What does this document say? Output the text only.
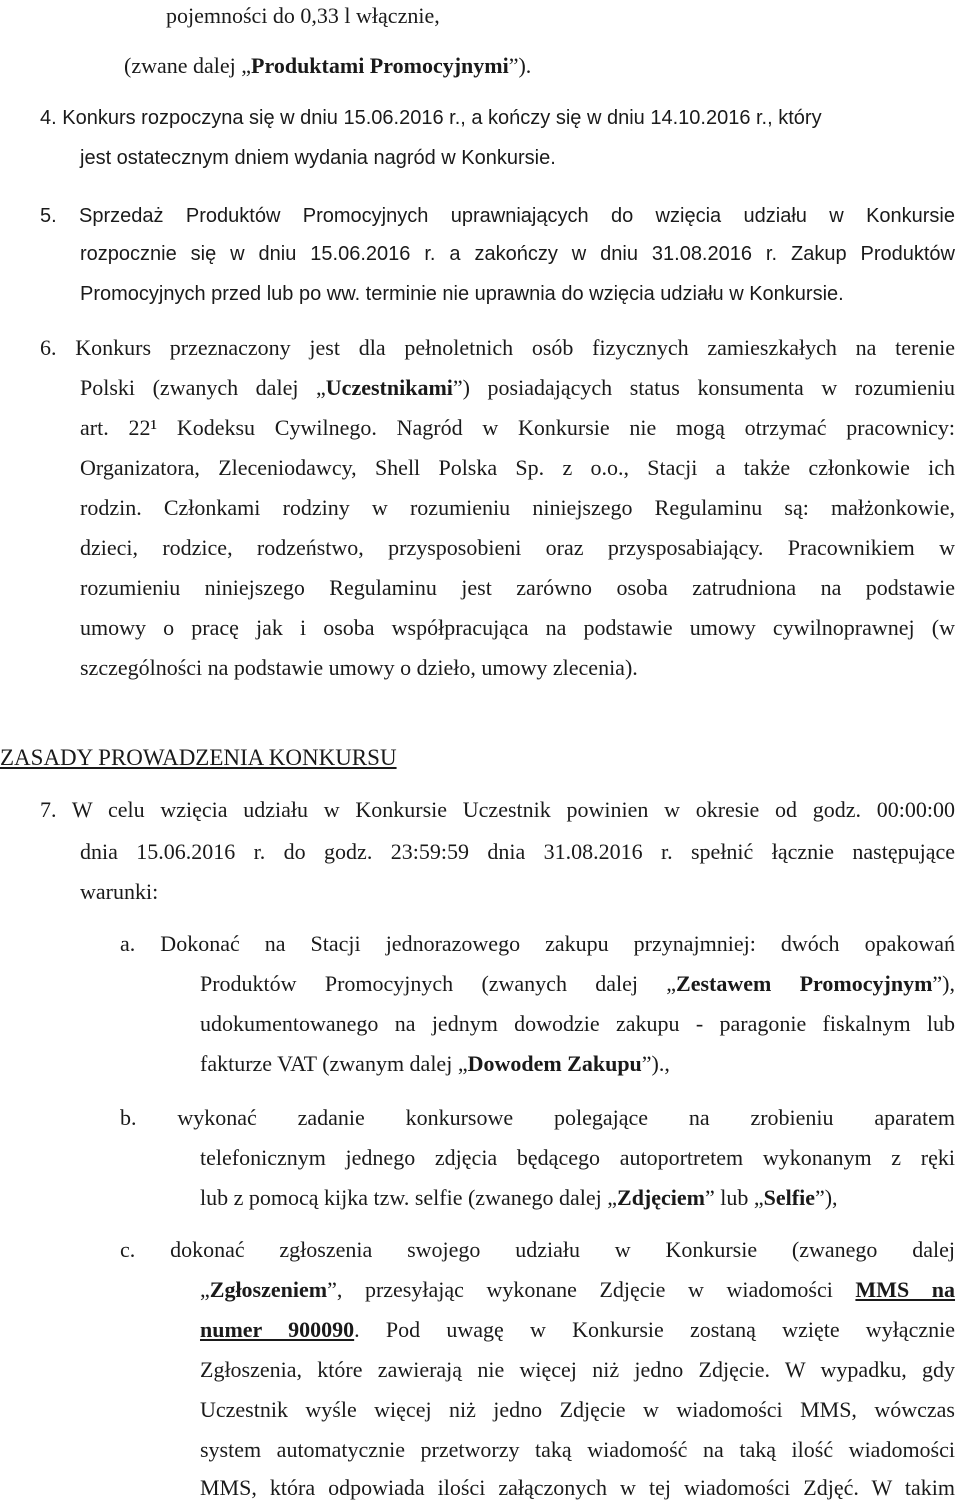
pojemności do 0,33 l włącznie,
(zwane dalej „Produktami Promocyjnymi”).
4. Konkurs rozpoczyna się w dniu 15.06.2016 r., a kończy się w dniu 14.10.2016 r., który
jest ostatecznym dniem wydania nagród w Konkursie.
5. Sprzedaż Produktów Promocyjnych uprawniających do wzięcia udziału w Konkursie
rozpocznie się w dniu 15.06.2016 r. a zakończy w dniu 31.08.2016 r. Zakup Produktów
Promocyjnych przed lub po ww. terminie nie uprawnia do wzięcia udziału w Konkursie.
6. Konkurs przeznaczony jest dla pełnoletnich osób fizycznych zamieszkałych na terenie
Polski (zwanych dalej „Uczestnikami”) posiadających status konsumenta w rozumieniu
art. 22¹ Kodeksu Cywilnego. Nagród w Konkursie nie mogą otrzymać pracownicy:
Organizatora, Zleceniodawcy, Shell Polska Sp. z o.o., Stacji a także członkowie ich
rodzin. Członkami rodziny w rozumieniu niniejszego Regulaminu są: małżonkowie,
dzieci, rodzice, rodzeństwo, przysposobieni oraz przysposabiający. Pracownikiem w
rozumieniu niniejszego Regulaminu jest zarówno osoba zatrudniona na podstawie
umowy o pracę jak i osoba współpracująca na podstawie umowy cywilnoprawnej (w
szczególności na podstawie umowy o dzieło, umowy zlecenia).
ZASADY PROWADZENIA KONKURSU
7. W celu wzięcia udziału w Konkursie Uczestnik powinien w okresie od godz. 00:00:00
dnia 15.06.2016 r. do godz. 23:59:59 dnia 31.08.2016 r. spełnić łącznie następujące
warunki:
a. Dokonać na Stacji jednorazowego zakupu przynajmniej: dwóch opakowań
Produktów Promocyjnych (zwanych dalej „Zestawem Promocyjnym”),
udokumentowanego na jednym dowodzie zakupu - paragonie fiskalnym lub
fakturze VAT (zwanym dalej „Dowodem Zakupu”).,
b. wykonać zadanie konkursowe polegające na zrobieniu aparatem
telefonicznym jednego zdjęcia będącego autoportretem wykonanym z ręki
lub z pomocą kijka tzw. selfie (zwanego dalej „Zdjęciem” lub „Selfie”),
c. dokonać zgłoszenia swojego udziału w Konkursie (zwanego dalej
„Zgłoszeniem”, przesyłając wykonane Zdjęcie w wiadomości MMS na
numer 900090. Pod uwagę w Konkursie zostaną wzięte wyłącznie
Zgłoszenia, które zawierają nie więcej niż jedno Zdjęcie. W wypadku, gdy
Uczestnik wyśle więcej niż jedno Zdjęcie w wiadomości MMS, wówczas
system automatycznie przetworzy taką wiadomość na taką ilość wiadomości
MMS, która odpowiada ilości załączonych w tej wiadomości Zdjęć. W takim
